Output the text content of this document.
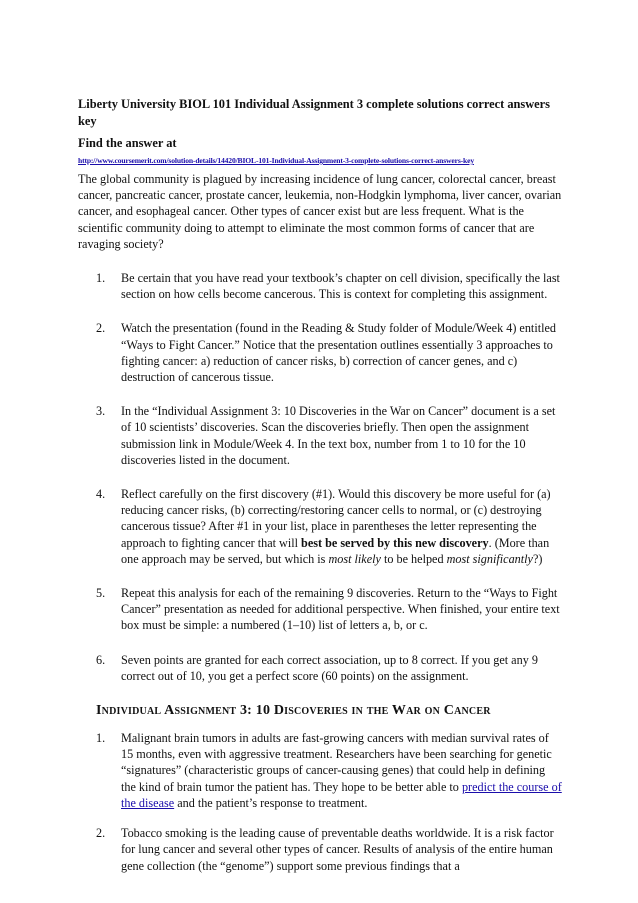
Liberty University BIOL 101 Individual Assignment 3 complete solutions correct answers key

Find the answer at

http://www.coursemerit.com/solution-details/14420/BIOL-101-Individual-Assignment-3-complete-solutions-correct-answers-key

The global community is plagued by increasing incidence of lung cancer, colorectal cancer, breast cancer, pancreatic cancer, prostate cancer, leukemia, non-Hodgkin lymphoma, liver cancer, ovarian cancer, and esophageal cancer. Other types of cancer exist but are less frequent. What is the scientific community doing to attempt to eliminate the most common forms of cancer that are ravaging society?

1. Be certain that you have read your textbook’s chapter on cell division, specifically the last section on how cells become cancerous. This is context for completing this assignment.
2. Watch the presentation (found in the Reading & Study folder of Module/Week 4) entitled “Ways to Fight Cancer.” Notice that the presentation outlines essentially 3 approaches to fighting cancer: a) reduction of cancer risks, b) correction of cancer genes, and c) destruction of cancerous tissue.
3. In the “Individual Assignment 3: 10 Discoveries in the War on Cancer” document is a set of 10 scientists’ discoveries. Scan the discoveries briefly. Then open the assignment submission link in Module/Week 4. In the text box, number from 1 to 10 for the 10 discoveries listed in the document.
4. Reflect carefully on the first discovery (#1). Would this discovery be more useful for (a) reducing cancer risks, (b) correcting/restoring cancer cells to normal, or (c) destroying cancerous tissue? After #1 in your list, place in parentheses the letter representing the approach to fighting cancer that will best be served by this new discovery. (More than one approach may be served, but which is most likely to be helped most significantly?)
5. Repeat this analysis for each of the remaining 9 discoveries. Return to the “Ways to Fight Cancer” presentation as needed for additional perspective. When finished, your entire text box must be simple: a numbered (1–10) list of letters a, b, or c.
6. Seven points are granted for each correct association, up to 8 correct. If you get any 9 correct out of 10, you get a perfect score (60 points) on the assignment.
Individual Assignment 3: 10 Discoveries in the War on Cancer
1. Malignant brain tumors in adults are fast-growing cancers with median survival rates of 15 months, even with aggressive treatment. Researchers have been searching for genetic “signatures” (characteristic groups of cancer-causing genes) that could help in defining the kind of brain tumor the patient has. They hope to be better able to predict the course of the disease and the patient’s response to treatment.
2. Tobacco smoking is the leading cause of preventable deaths worldwide. It is a risk factor for lung cancer and several other types of cancer. Results of analysis of the entire human gene collection (the “genome”) support some previous findings that a
